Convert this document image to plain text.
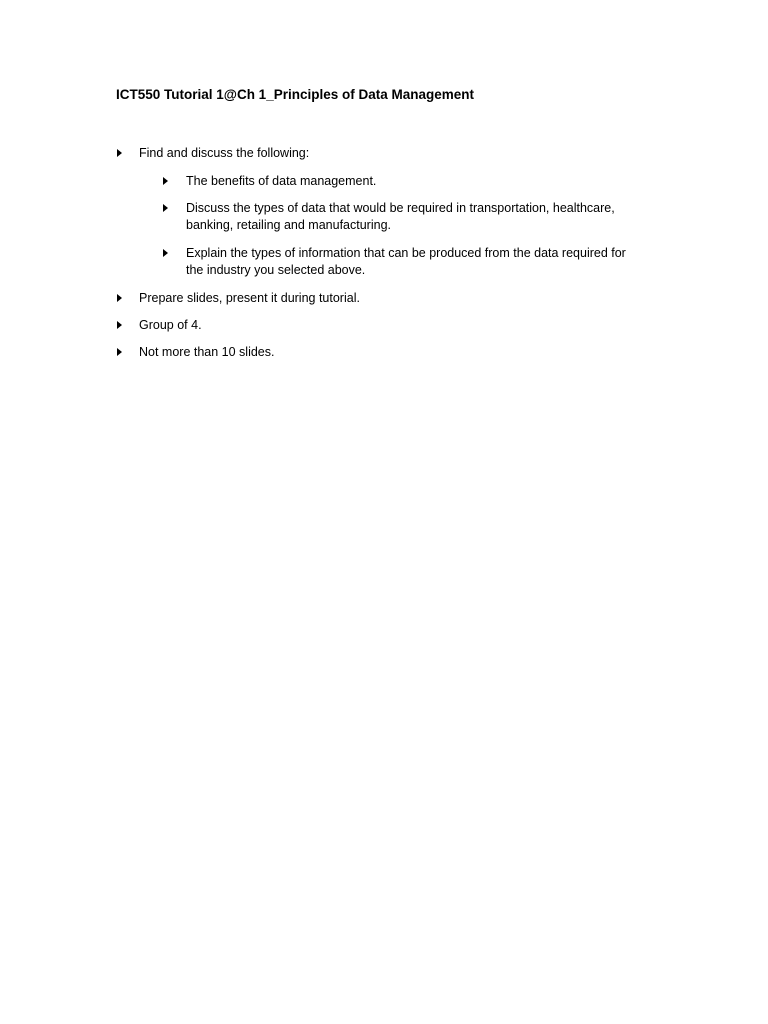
ICT550 Tutorial 1@Ch 1_Principles of Data Management
Find and discuss the following:
The benefits of data management.
Discuss the types of data that would be required in transportation, healthcare,
banking, retailing and manufacturing.
Explain the types of information that can be produced from the data required for
the industry you selected above.
Prepare slides, present it during tutorial.
Group of 4.
Not more than 10 slides.
